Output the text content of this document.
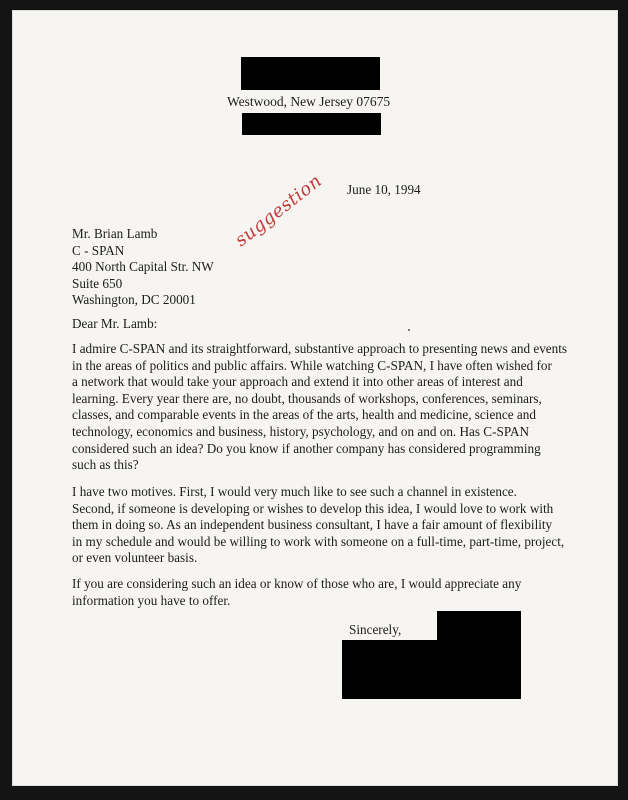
Westwood, New Jersey 07675
June 10, 1994
suggestion
Mr. Brian Lamb
C - SPAN
400 North Capital Str. NW
Suite 650
Washington, DC 20001
Dear Mr. Lamb:
I admire C-SPAN and its straightforward, substantive approach to presenting news and events
in the areas of politics and public affairs. While watching C-SPAN, I have often wished for
a network that would take your approach and extend it into other areas of interest and
learning. Every year there are, no doubt, thousands of workshops, conferences, seminars,
classes, and comparable events in the areas of the arts, health and medicine, science and
technology, economics and business, history, psychology, and on and on. Has C-SPAN
considered such an idea? Do you know if another company has considered programming
such as this?
I have two motives. First, I would very much like to see such a channel in existence.
Second, if someone is developing or wishes to develop this idea, I would love to work with
them in doing so. As an independent business consultant, I have a fair amount of flexibility
in my schedule and would be willing to work with someone on a full-time, part-time, project,
or even volunteer basis.
If you are considering such an idea or know of those who are, I would appreciate any
information you have to offer.
Sincerely,
